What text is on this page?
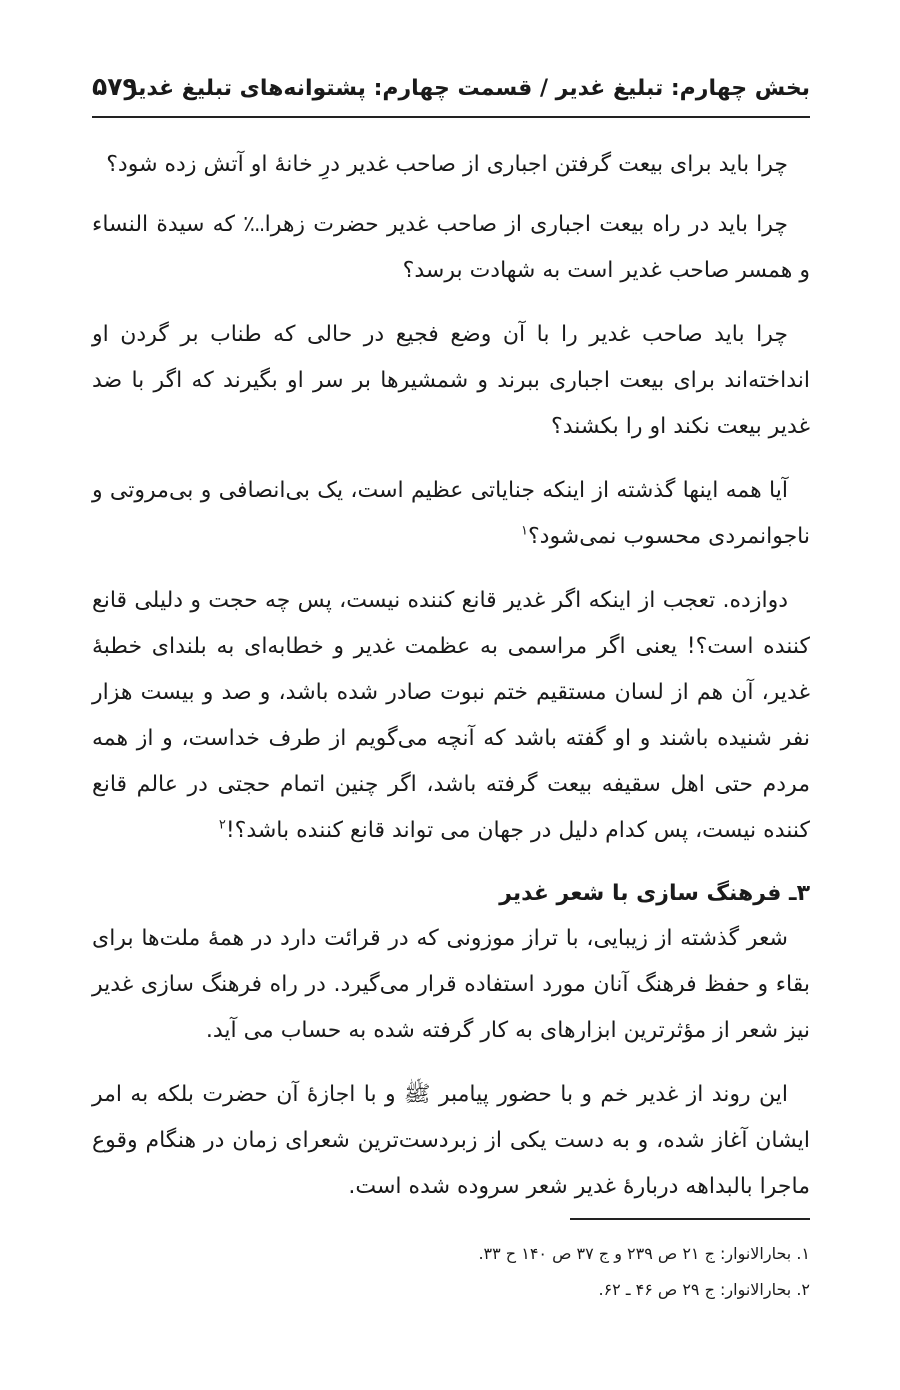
بخش چهارم: تبلیغ غدیر / قسمت چهارم: پشتوانه‌های تبلیغ غدیر
۵۷۹

چرا باید برای بیعت گرفتن اجباری از صاحب غدیر درِ خانهٔ او آتش زده شود؟

چرا باید در راه بیعت اجباری از صاحب غدیر حضرت زهرا؊ که سیدة النساء و همسر صاحب غدیر است به شهادت برسد؟

چرا باید صاحب غدیر را با آن وضع فجیع در حالی که طناب بر گردن او انداخته‌اند برای بیعت اجباری ببرند و شمشیرها بر سر او بگیرند که اگر با ضد غدیر بیعت نکند او را بکشند؟

آیا همه اینها گذشته از اینکه جنایاتی عظیم است، یک بی‌انصافی و بی‌مروتی و ناجوانمردی محسوب نمی‌شود؟$^۱$

دوازده. تعجب از اینکه اگر غدیر قانع کننده نیست، پس چه حجت و دلیلی قانع کننده است؟! یعنی اگر مراسمی به عظمت غدیر و خطابه‌ای به بلندای خطبهٔ غدیر، آن هم از لسان مستقیم ختم نبوت صادر شده باشد، و صد و بیست هزار نفر شنیده باشند و او گفته باشد که آنچه می‌گویم از طرف خداست، و از همه مردم حتی اهل سقیفه بیعت گرفته باشد، اگر چنین اتمام حجتی در عالم قانع کننده نیست، پس کدام دلیل در جهان می تواند قانع کننده باشد؟!$^۲$

۳ـ فرهنگ سازی با شعر غدیر

شعر گذشته از زیبایی، با تراز موزونی که در قرائت دارد در همهٔ ملت‌ها برای بقاء و حفظ فرهنگ آنان مورد استفاده قرار می‌گیرد. در راه فرهنگ سازی غدیر نیز شعر از مؤثرترین ابزارهای به کار گرفته شده به حساب می آید.

این روند از غدیر خم و با حضور پیامبر ﷺ و با اجازهٔ آن حضرت بلکه به امر ایشان آغاز شده، و به دست یکی از زبردست‌ترین شعرای زمان در هنگام وقوع ماجرا بالبداهه دربارهٔ غدیر شعر سروده شده است.

۱. بحارالانوار: ج ۲۱ ص ۲۳۹ و ج ۳۷ ص ۱۴۰ ح ۳۳.

۲. بحارالانوار: ج ۲۹ ص ۴۶ ـ ۶۲.
